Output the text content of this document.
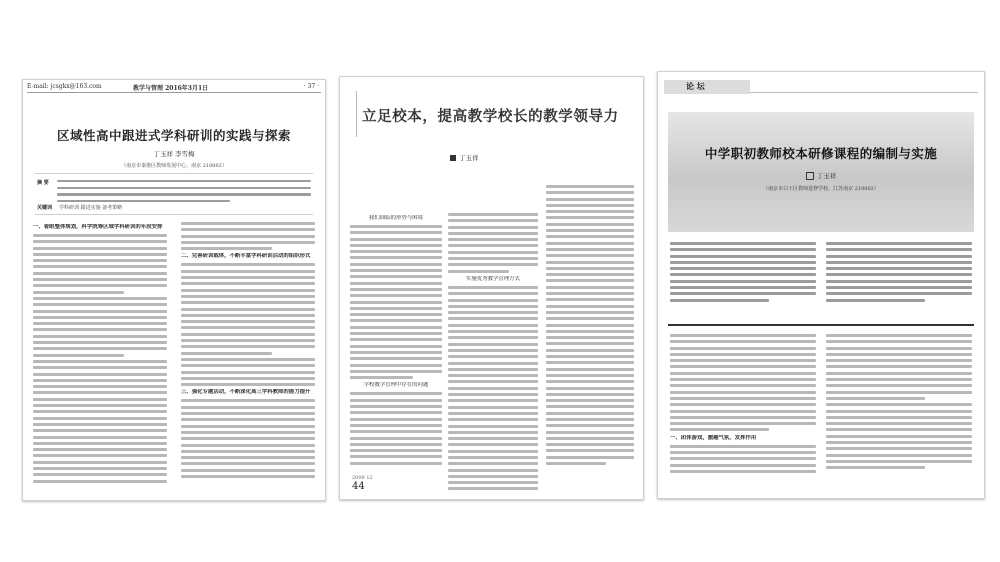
E-mail: jcsgkx@163.com	教学与管理 2016年3月1日	· 37 ·
区域性高中跟进式学科研训的实践与探索
丁玉祥 李雪梅
（南京市秦淮区教师发展中心，南京 210002）
摘 要
关键词 学科研训 跟进实施 备考策略
一、着眼整体规划，科学统筹区域学科研训的年段安排
二、完善研训载体，不断丰富学科研训活动的组织形式
三、强化专题活动，不断深化高三学科教师的能力提升
立足校本，提高教学校长的教学领导力
丁玉祥
我们面临的形势与困境
学校教学管理中存在的问题
实施优秀教学管理方式
2009 12
44
论 坛
中学职初教师校本研修课程的编制与实施
丁玉祥
（南京市白下区教师进修学校，江苏南京 210002）
一、团体游戏，激趣气氛，发挥作用
